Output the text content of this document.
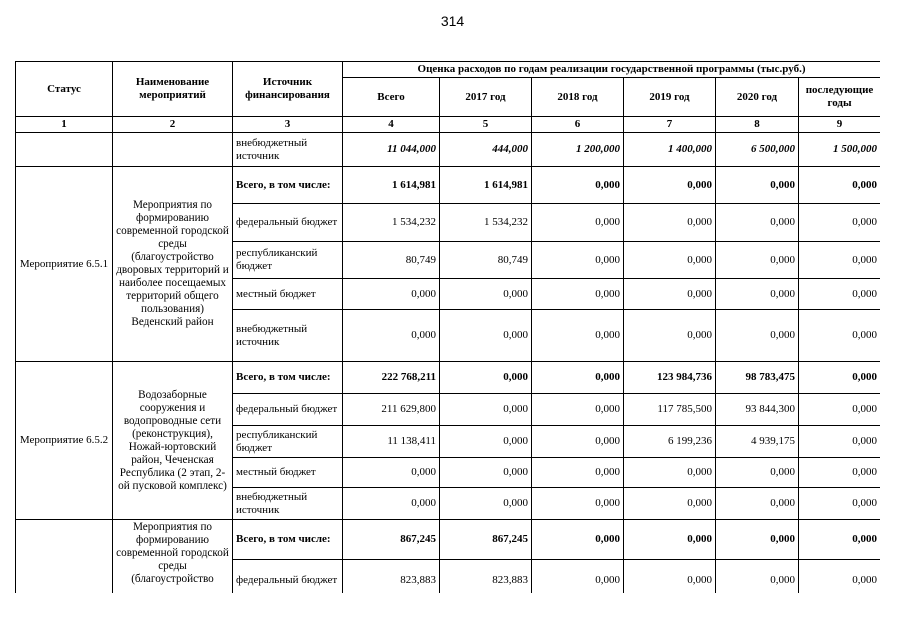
314
Статус	Наименование мероприятий	Источник финансирования	Оценка расходов по годам реализации государственной программы (тыс.руб.)					
			Всего	2017 год	2018 год	2019 год	2020 год	последующие годы
1	2	3	4	5	6	7	8	9
		внебюджетный источник	11 044,000	444,000	1 200,000	1 400,000	6 500,000	1 500,000
Мероприятие 6.5.1	Мероприятия по формированию современной городской среды (благоустройство дворовых территорий и наиболее посещаемых территорий общего пользования) Веденский район	Всего, в том числе:	1 614,981	1 614,981	0,000	0,000	0,000	0,000
		федеральный бюджет	1 534,232	1 534,232	0,000	0,000	0,000	0,000
		республиканский бюджет	80,749	80,749	0,000	0,000	0,000	0,000
		местный бюджет	0,000	0,000	0,000	0,000	0,000	0,000
		внебюджетный источник	0,000	0,000	0,000	0,000	0,000	0,000
Мероприятие 6.5.2	Водозаборные сооружения и водопроводные сети (реконструкция), Ножай-юртовский район, Чеченская Республика (2 этап, 2-ой пусковой комплекс)	Всего, в том числе:	222 768,211	0,000	0,000	123 984,736	98 783,475	0,000
		федеральный бюджет	211 629,800	0,000	0,000	117 785,500	93 844,300	0,000
		республиканский бюджет	11 138,411	0,000	0,000	6 199,236	4 939,175	0,000
		местный бюджет	0,000	0,000	0,000	0,000	0,000	0,000
		внебюджетный источник	0,000	0,000	0,000	0,000	0,000	0,000
	Мероприятия по формированию современной городской среды (благоустройство	Всего, в том числе:	867,245	867,245	0,000	0,000	0,000	0,000
		федеральный бюджет	823,883	823,883	0,000	0,000	0,000	0,000
